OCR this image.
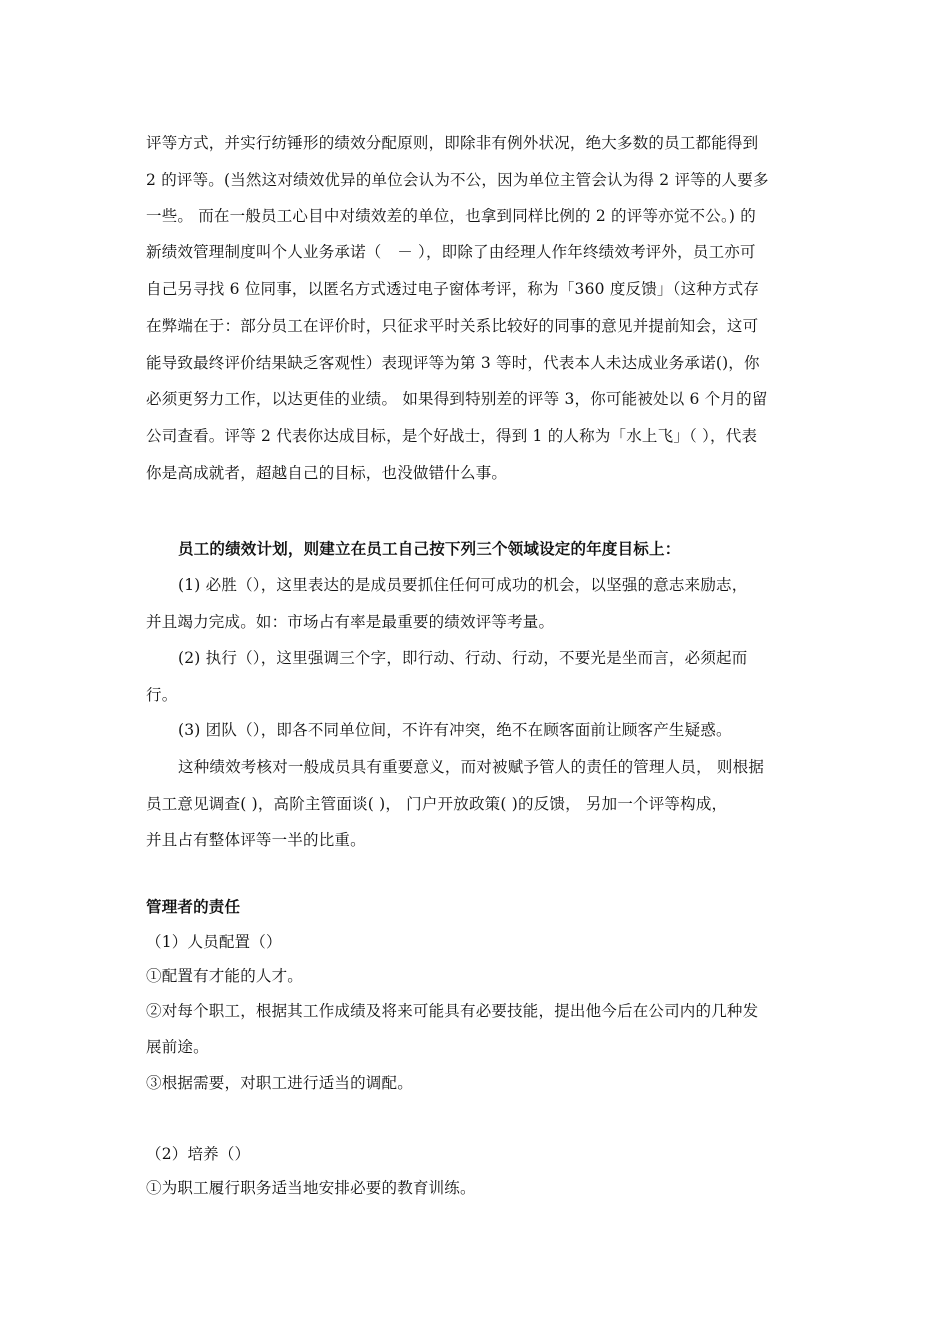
评等方式，并实行纺锤形的绩效分配原则，即除非有例外状况，绝大多数的员工都能得到
2 的评等。(当然这对绩效优异的单位会认为不公，因为单位主管会认为得 2 评等的人要多
一些。 而在一般员工心目中对绩效差的单位，也拿到同样比例的 2 的评等亦觉不公。) 的
新绩效管理制度叫个人业务承诺（　－ ），即除了由经理人作年终绩效考评外，员工亦可
自己另寻找 6 位同事，以匿名方式透过电子窗体考评，称为「360 度反馈」（这种方式存
在弊端在于：部分员工在评价时，只征求平时关系比较好的同事的意见并提前知会，这可
能导致最终评价结果缺乏客观性）表现评等为第 3 等时，代表本人未达成业务承诺()，你
必须更努力工作，以达更佳的业绩。 如果得到特别差的评等 3，你可能被处以 6 个月的留
公司查看。评等 2 代表你达成目标，是个好战士，得到 1 的人称为「水上飞」（ ），代表
你是高成就者，超越自己的目标，也没做错什么事。
员工的绩效计划，则建立在员工自己按下列三个领域设定的年度目标上：
(1) 必胜（），这里表达的是成员要抓住任何可成功的机会，以坚强的意志来励志，
并且竭力完成。如：市场占有率是最重要的绩效评等考量。
(2) 执行（），这里强调三个字，即行动、行动、行动，不要光是坐而言，必须起而
行。
(3) 团队（），即各不同单位间，不许有冲突，绝不在顾客面前让顾客产生疑惑。
这种绩效考核对一般成员具有重要意义，而对被赋予管人的责任的管理人员， 则根据
员工意见调查( )，高阶主管面谈( )， 门户开放政策( )的反馈， 另加一个评等构成，
并且占有整体评等一半的比重。
管理者的责任
（1）人员配置（）
①配置有才能的人才。
②对每个职工，根据其工作成绩及将来可能具有必要技能，提出他今后在公司内的几种发
展前途。
③根据需要，对职工进行适当的调配。
（2）培养（）
①为职工履行职务适当地安排必要的教育训练。
